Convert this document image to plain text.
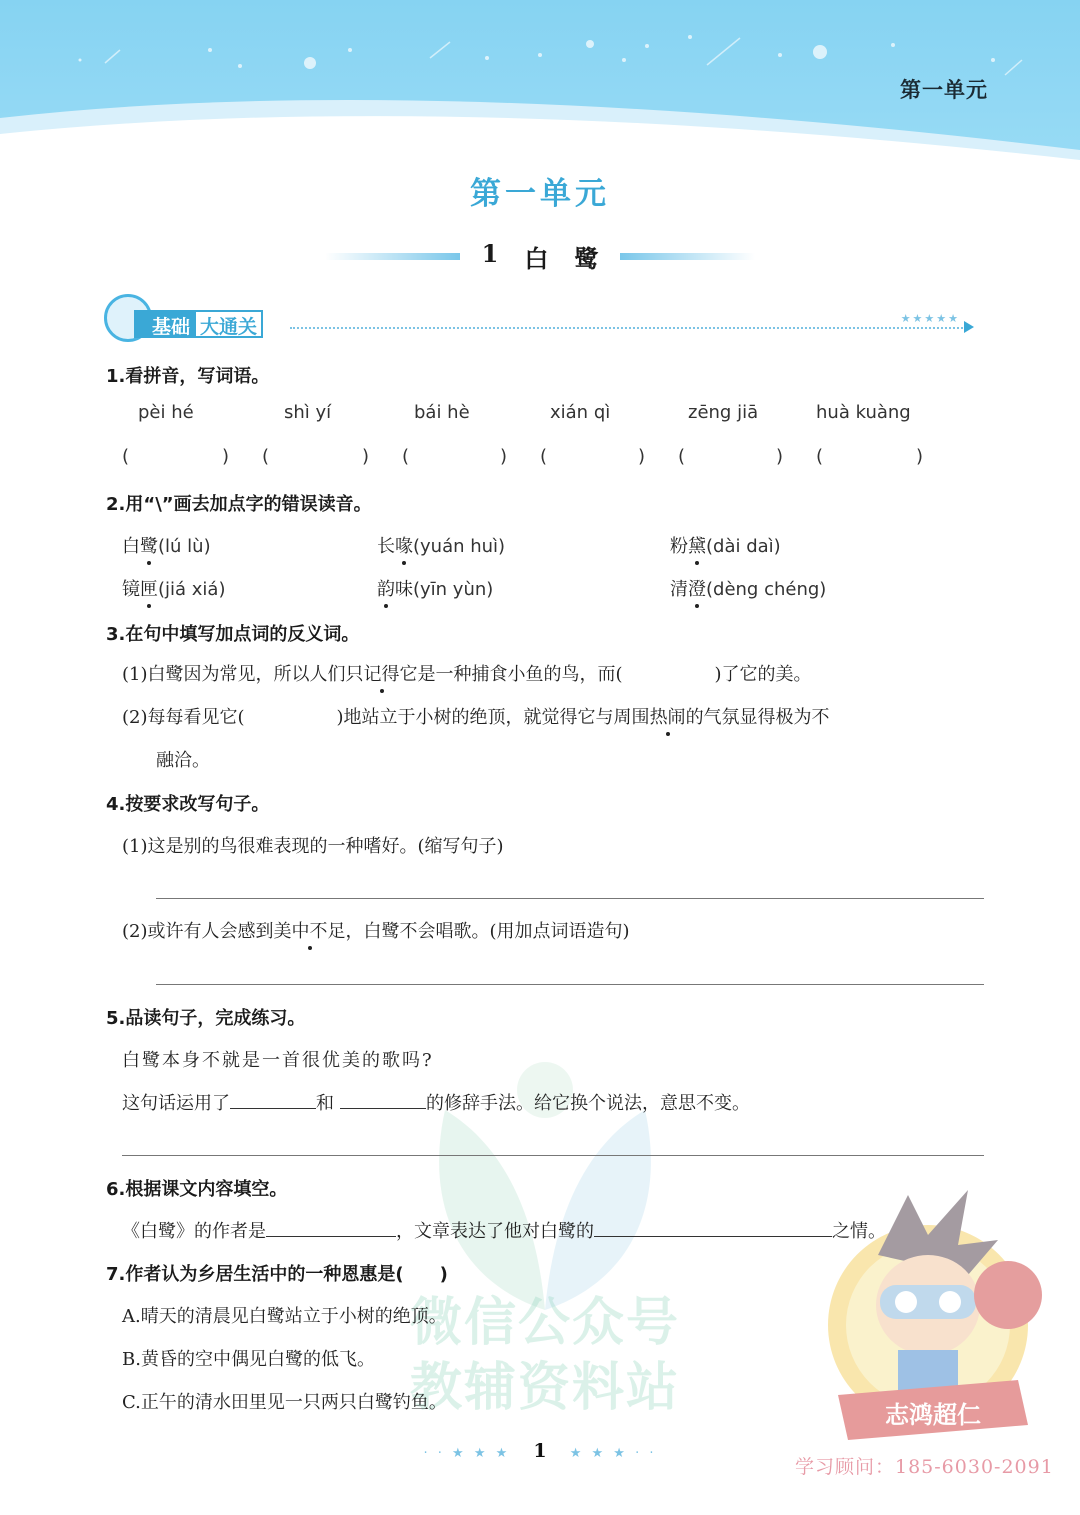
第一单元
第一单元
1 白 鹭
基础 大通关	★★★★★
微信公众号
教辅资料站
1.看拼音，写词语。
pèi hé	shì yí	bái hè	xián qì	zēng jiā	huà kuàng
(	) (	) (	) (	) (	) (	)
2.用“\”画去加点字的错误读音。
白鹭(lú lù)	长喙(yuán huì)	粉黛(dài daì)
镜匣(jiá xiá)	韵味(yīn yùn)	清澄(dèng chéng)
3.在句中填写加点词的反义词。
(1)白鹭因为常见，所以人们只记得它是一种捕食小鱼的鸟，而(	)了它的美。
(2)每每看见它(	)地站立于小树的绝顶，就觉得它与周围热闹的气氛显得极为不
融洽。
4.按要求改写句子。
(1)这是别的鸟很难表现的一种嗜好。(缩写句子)
(2)或许有人会感到美中不足，白鹭不会唱歌。(用加点词语造句)
5.品读句子，完成练习。
白鹭本身不就是一首很优美的歌吗?
这句话运用了	和	的修辞手法。给它换个说法，意思不变。
6.根据课文内容填空。
《白鹭》的作者是	，文章表达了他对白鹭的	之情。
7.作者认为乡居生活中的一种恩惠是(　　)
A.晴天的清晨见白鹭站立于小树的绝顶。
B.黄昏的空中偶见白鹭的低飞。
C.正午的清水田里见一只两只白鹭钓鱼。	志鸿超仁
学习顾问：185-6030-2091
· · ★ ★ ★ 1 ★ ★ ★ · ·
